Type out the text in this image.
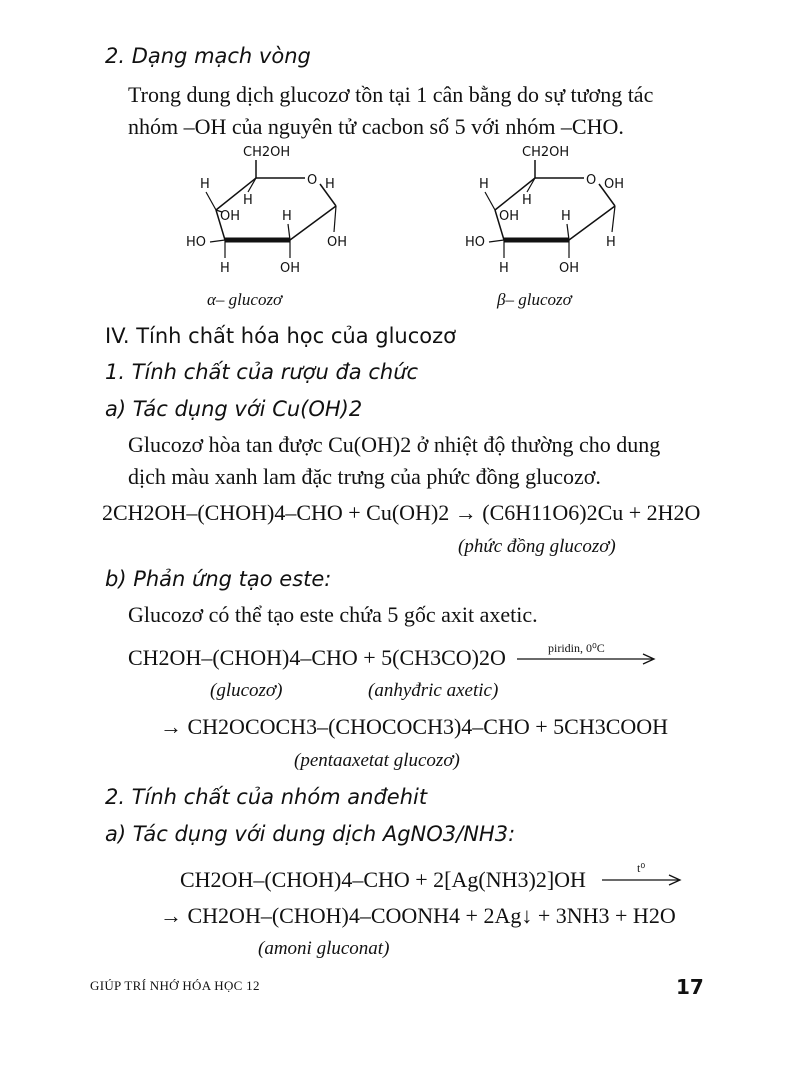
2. Dạng mạch vòng
Trong dung dịch glucozơ tồn tại 1 cân bằng do sự tương tác
nhóm –OH của nguyên tử cacbon số 5 với nhóm –CHO.
CH2OH
O
H
H
OH
H
OH
H
HO
H	OH
CH2OH
O
H
H
OH
OH
H
H
HO
H	OH
α– glucozơ	β– glucozơ
IV. Tính chất hóa học của glucozơ
1. Tính chất của rượu đa chức
a) Tác dụng với Cu(OH)2
Glucozơ hòa tan được Cu(OH)2 ở nhiệt độ thường cho dung
dịch màu xanh lam đặc trưng của phức đồng glucozơ.
2CH2OH–(CHOH)4–CHO + Cu(OH)2 → (C6H11O6)2Cu + 2H2O
(phức đồng glucozơ)
b) Phản ứng tạo este:
Glucozơ có thể tạo este chứa 5 gốc axit axetic.
CH2OH–(CHOH)4–CHO + 5(CH3CO)2O	piridin, 0⁰C
(glucozơ)	(anhyđric axetic)
→ CH2OCOCH3–(CHOCOCH3)4–CHO + 5CH3COOH
(pentaaxetat glucozơ)
2. Tính chất của nhóm anđehit
a) Tác dụng với dung dịch AgNO3/NH3:
CH2OH–(CHOH)4–CHO + 2[Ag(NH3)2]OH	t⁰
→ CH2OH–(CHOH)4–COONH4 + 2Ag↓ + 3NH3 + H2O
(amoni gluconat)
GIÚP TRÍ NHỚ HÓA HỌC 12	17
